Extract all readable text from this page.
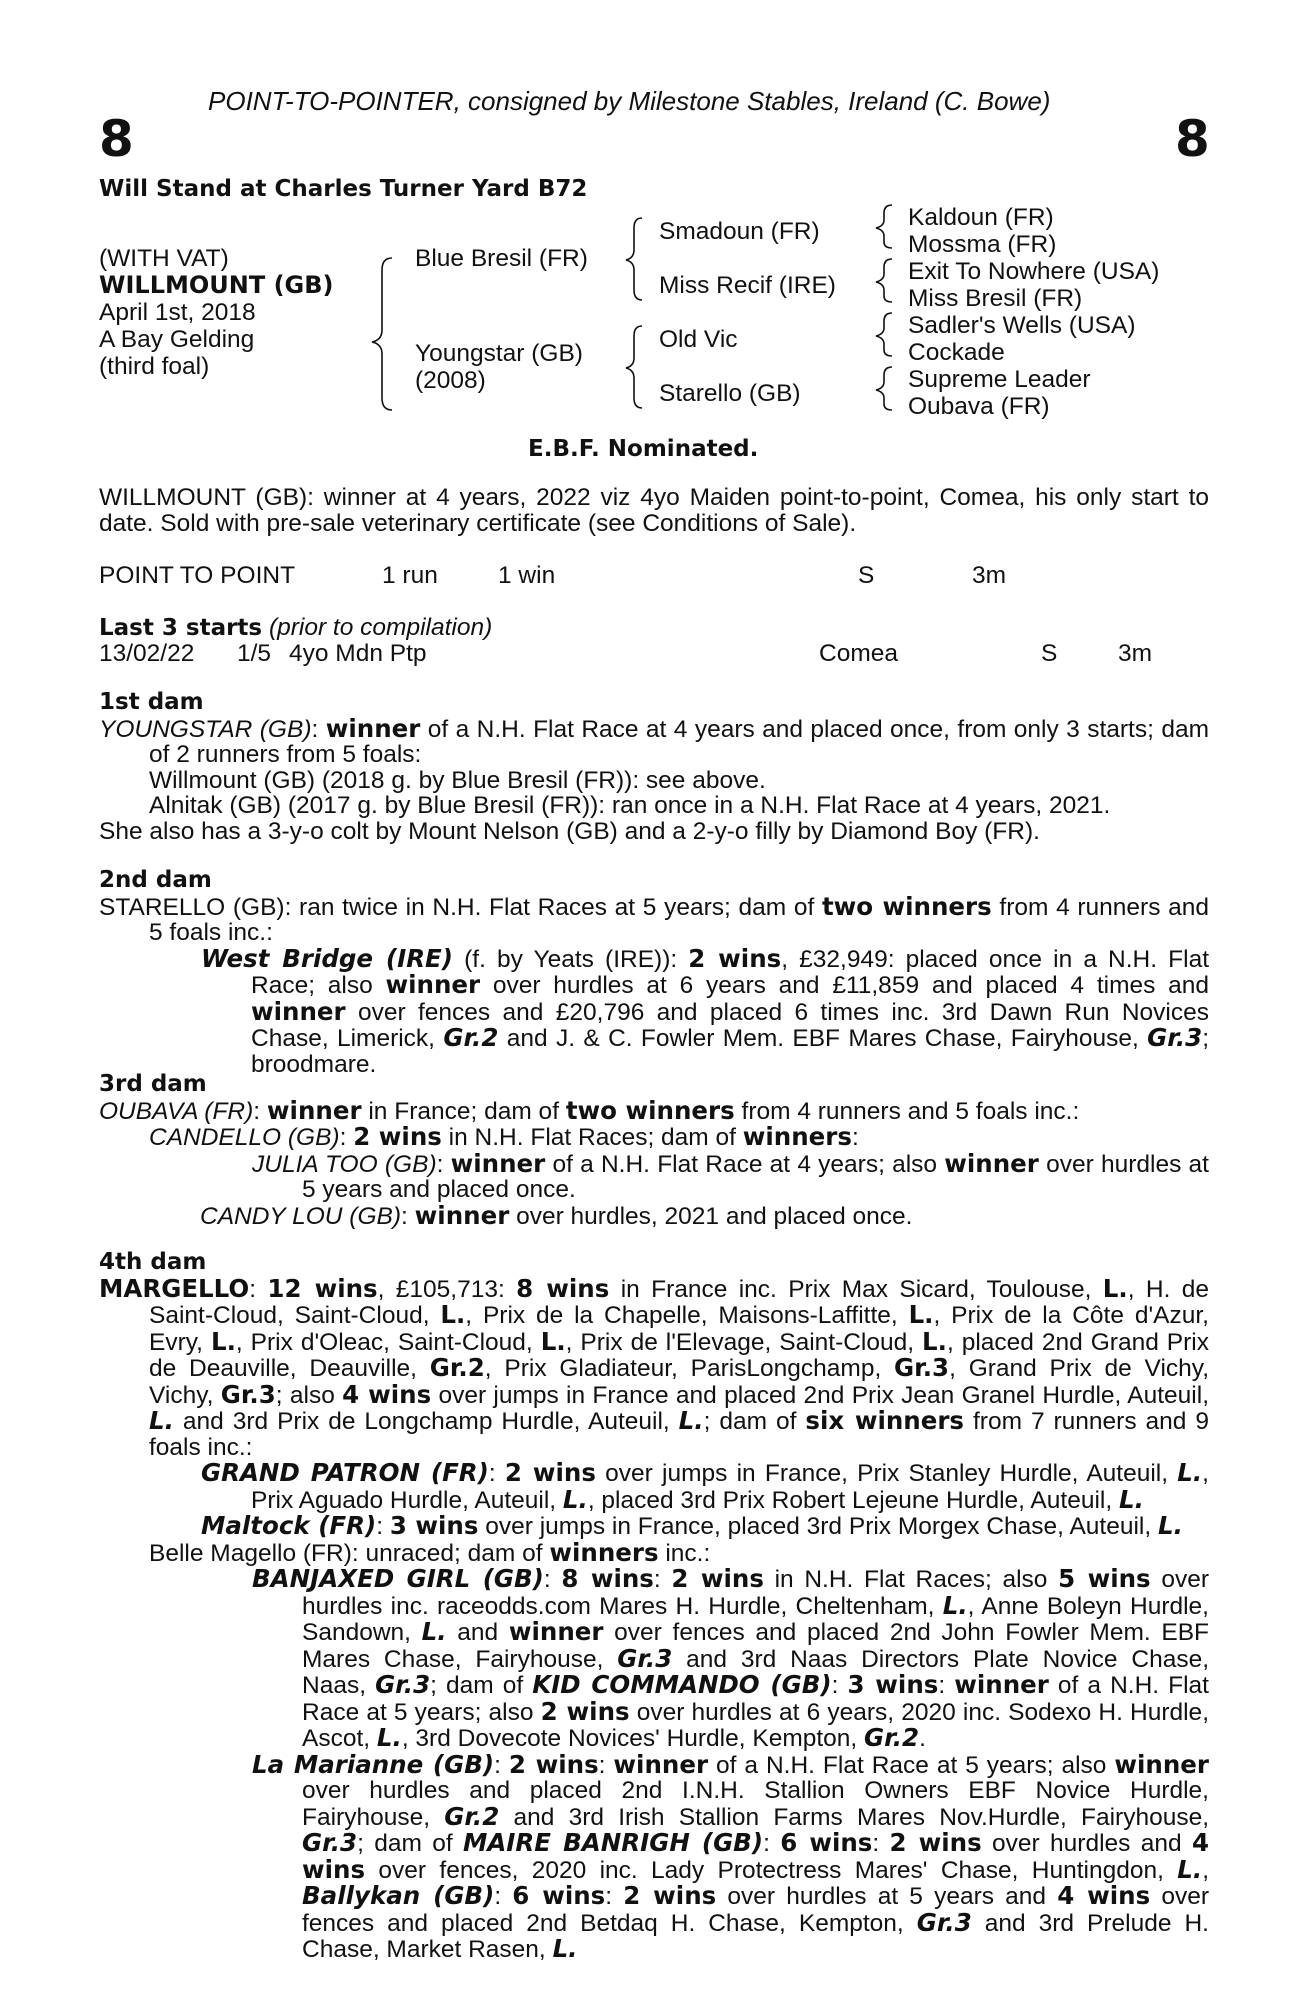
POINT-TO-POINTER, consigned by Milestone Stables, Ireland (C. Bowe)
8	8
Will Stand at Charles Turner Yard B72
(WITH VAT)
WILLMOUNT (GB)
April 1st, 2018
A Bay Gelding
(third foal)
Blue Bresil (FR)
Youngstar (GB)
(2008)
Smadoun (FR)
Miss Recif (IRE)
Old Vic
Starello (GB)
Kaldoun (FR)
Mossma (FR)
Exit To Nowhere (USA)
Miss Bresil (FR)
Sadler's Wells (USA)
Cockade
Supreme Leader
Oubava (FR)
E.B.F. Nominated.
WILLMOUNT (GB): winner at 4 years, 2022 viz 4yo Maiden point-to-point, Comea, his only start to date. Sold with pre-sale veterinary certificate (see Conditions of Sale).
POINT TO POINT	1 run 1 win	S	3m
Last 3 starts (prior to compilation)
13/02/22 1/5 4yo Mdn Ptp	Comea	S 3m

1st dam

YOUNGSTAR (GB): winner of a N.H. Flat Race at 4 years and placed once, from only 3 starts; dam of 2 runners from 5 foals:

Willmount (GB) (2018 g. by Blue Bresil (FR)): see above.

Alnitak (GB) (2017 g. by Blue Bresil (FR)): ran once in a N.H. Flat Race at 4 years, 2021.

She also has a 3-y-o colt by Mount Nelson (GB) and a 2-y-o filly by Diamond Boy (FR).

2nd dam

STARELLO (GB): ran twice in N.H. Flat Races at 5 years; dam of two winners from 4 runners and 5 foals inc.:

West Bridge (IRE) (f. by Yeats (IRE)): 2 wins, £32,949: placed once in a N.H. Flat Race; also winner over hurdles at 6 years and £11,859 and placed 4 times and winner over fences and £20,796 and placed 6 times inc. 3rd Dawn Run Novices Chase, Limerick, Gr.2 and J. & C. Fowler Mem. EBF Mares Chase, Fairyhouse, Gr.3; broodmare.

3rd dam

OUBAVA (FR): winner in France; dam of two winners from 4 runners and 5 foals inc.:

CANDELLO (GB): 2 wins in N.H. Flat Races; dam of winners:

JULIA TOO (GB): winner of a N.H. Flat Race at 4 years; also winner over hurdles at 5 years and placed once.

CANDY LOU (GB): winner over hurdles, 2021 and placed once.

4th dam

MARGELLO: 12 wins, £105,713: 8 wins in France inc. Prix Max Sicard, Toulouse, L., H. de Saint-Cloud, Saint-Cloud, L., Prix de la Chapelle, Maisons-Laffitte, L., Prix de la Côte d'Azur, Evry, L., Prix d'Oleac, Saint-Cloud, L., Prix de l'Elevage, Saint-Cloud, L., placed 2nd Grand Prix de Deauville, Deauville, Gr.2, Prix Gladiateur, ParisLongchamp, Gr.3, Grand Prix de Vichy, Vichy, Gr.3; also 4 wins over jumps in France and placed 2nd Prix Jean Granel Hurdle, Auteuil, L. and 3rd Prix de Longchamp Hurdle, Auteuil, L.; dam of six winners from 7 runners and 9 foals inc.:

GRAND PATRON (FR): 2 wins over jumps in France, Prix Stanley Hurdle, Auteuil, L., Prix Aguado Hurdle, Auteuil, L., placed 3rd Prix Robert Lejeune Hurdle, Auteuil, L.

Maltock (FR): 3 wins over jumps in France, placed 3rd Prix Morgex Chase, Auteuil, L.

Belle Magello (FR): unraced; dam of winners inc.:

BANJAXED GIRL (GB): 8 wins: 2 wins in N.H. Flat Races; also 5 wins over hurdles inc. raceodds.com Mares H. Hurdle, Cheltenham, L., Anne Boleyn Hurdle, Sandown, L. and winner over fences and placed 2nd John Fowler Mem. EBF Mares Chase, Fairyhouse, Gr.3 and 3rd Naas Directors Plate Novice Chase, Naas, Gr.3; dam of KID COMMANDO (GB): 3 wins: winner of a N.H. Flat Race at 5 years; also 2 wins over hurdles at 6 years, 2020 inc. Sodexo H. Hurdle, Ascot, L., 3rd Dovecote Novices' Hurdle, Kempton, Gr.2.

La Marianne (GB): 2 wins: winner of a N.H. Flat Race at 5 years; also winner over hurdles and placed 2nd I.N.H. Stallion Owners EBF Novice Hurdle, Fairyhouse, Gr.2 and 3rd Irish Stallion Farms Mares Nov.Hurdle, Fairyhouse, Gr.3; dam of MAIRE BANRIGH (GB): 6 wins: 2 wins over hurdles and 4 wins over fences, 2020 inc. Lady Protectress Mares' Chase, Huntingdon, L., Ballykan (GB): 6 wins: 2 wins over hurdles at 5 years and 4 wins over fences and placed 2nd Betdaq H. Chase, Kempton, Gr.3 and 3rd Prelude H. Chase, Market Rasen, L.
